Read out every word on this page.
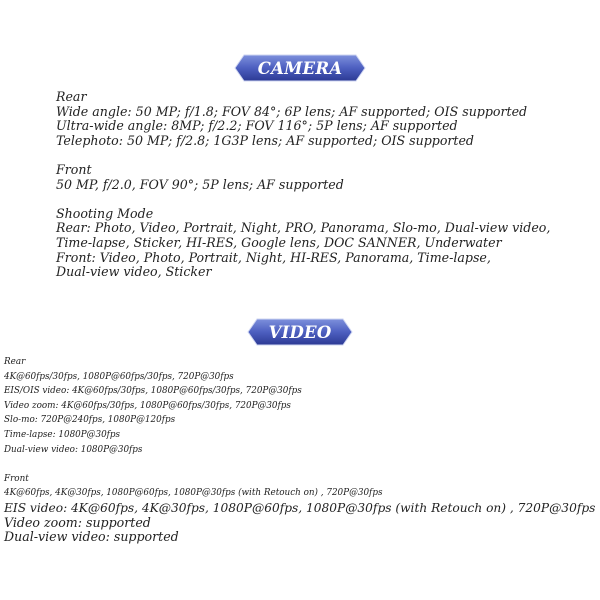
CAMERA
Rear
Wide angle: 50 MP; f/1.8; FOV 84°; 6P lens; AF supported; OIS supported
Ultra-wide angle: 8MP; f/2.2; FOV 116°; 5P lens; AF supported
Telephoto: 50 MP; f/2.8; 1G3P lens; AF supported; OIS supported
Front
50 MP, f/2.0, FOV 90°; 5P lens; AF supported
Shooting Mode
Rear: Photo, Video, Portrait, Night, PRO, Panorama, Slo-mo, Dual-view video,
Time-lapse, Sticker, HI-RES, Google lens, DOC SANNER, Underwater
Front: Video, Photo, Portrait, Night, HI-RES, Panorama, Time-lapse,
Dual-view video, Sticker
VIDEO
Rear
4K@60fps/30fps, 1080P@60fps/30fps, 720P@30fps
EIS/OIS video: 4K@60fps/30fps, 1080P@60fps/30fps, 720P@30fps
Video zoom: 4K@60fps/30fps, 1080P@60fps/30fps, 720P@30fps
Slo-mo: 720P@240fps, 1080P@120fps
Time-lapse: 1080P@30fps
Dual-view video: 1080P@30fps
Front
4K@60fps, 4K@30fps, 1080P@60fps, 1080P@30fps (with Retouch on) , 720P@30fps
EIS video: 4K@60fps, 4K@30fps, 1080P@60fps, 1080P@30fps (with Retouch on) , 720P@30fps
Video zoom: supported
Dual-view video: supported
